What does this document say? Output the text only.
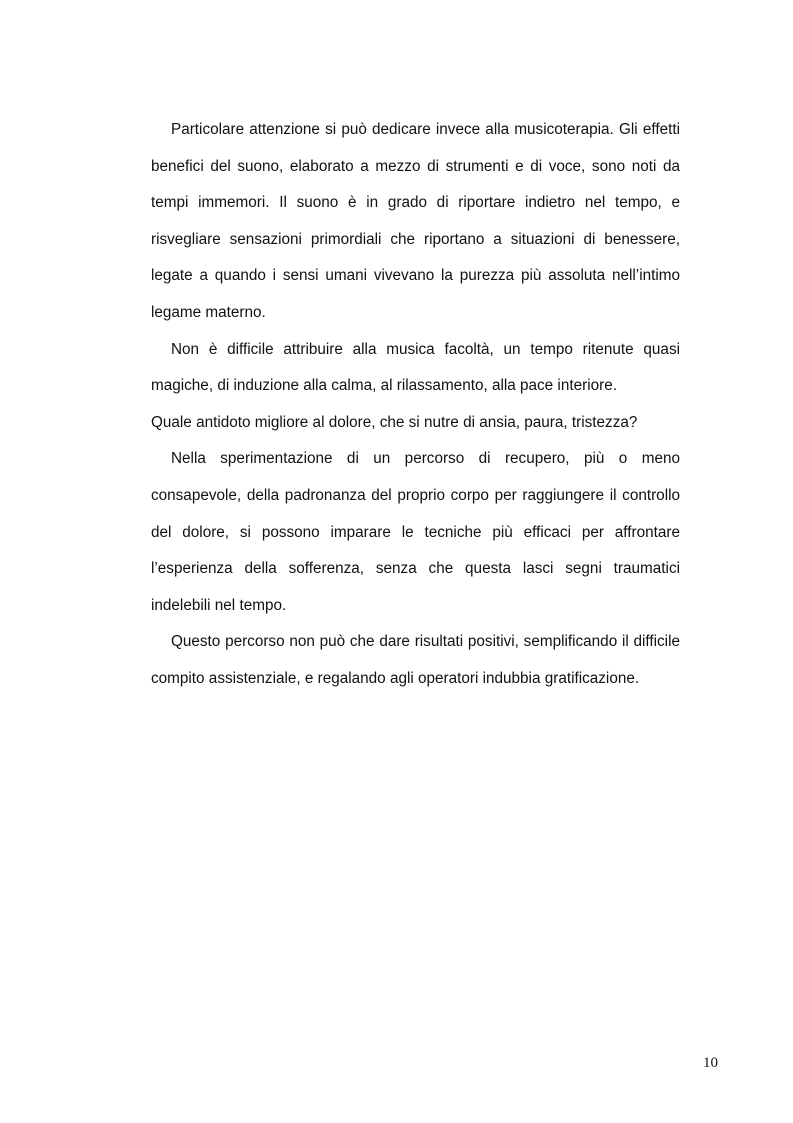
Particolare attenzione si può dedicare invece alla musicoterapia. Gli effetti benefici del suono, elaborato a mezzo di strumenti e di voce, sono noti da tempi immemori. Il suono è in grado di riportare indietro nel tempo, e risvegliare sensazioni primordiali che riportano a situazioni di benessere, legate a quando i sensi umani vivevano la purezza più assoluta nell’intimo legame materno.

Non è difficile attribuire alla musica facoltà, un tempo ritenute quasi magiche, di induzione alla calma, al rilassamento, alla pace interiore.

Quale antidoto migliore al dolore, che si nutre di ansia, paura, tristezza?

Nella sperimentazione di un percorso di recupero, più o meno consapevole, della padronanza del proprio corpo per raggiungere il controllo del dolore, si possono imparare le tecniche più efficaci per affrontare l’esperienza della sofferenza, senza che questa lasci segni traumatici indelebili nel tempo.

Questo percorso non può che dare risultati positivi, semplificando il difficile compito assistenziale, e regalando agli operatori indubbia gratificazione.

10
